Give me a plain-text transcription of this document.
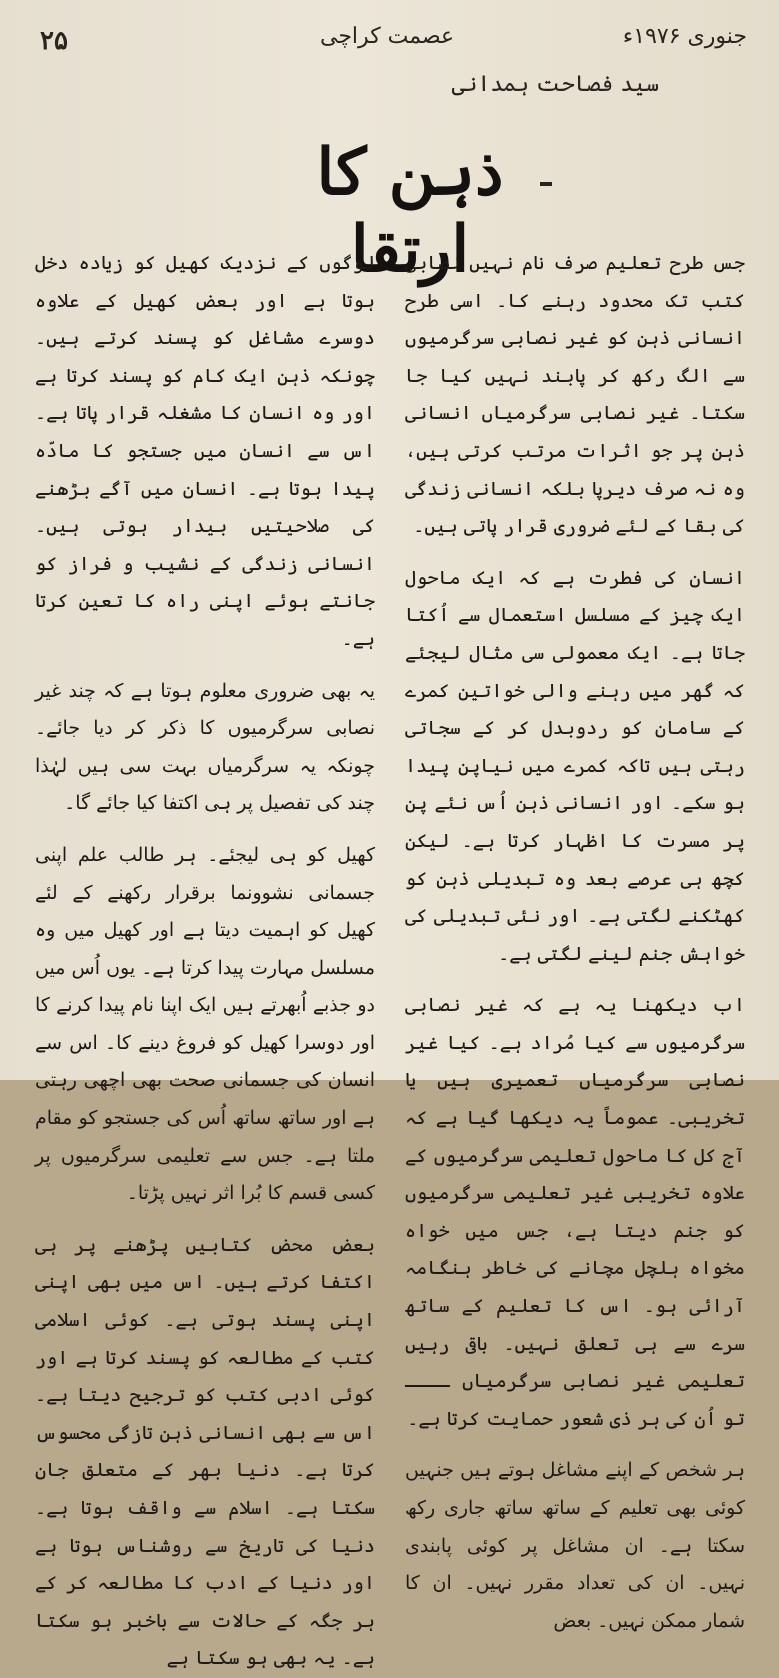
۲۵	عصمت کراچی	جنوری ۱۹۷۶ء
سید فصاحت ہمدانی
ذہن کا ارتقا

جس طرح تعلیم صرف نام نہیں نصابی کتب تک محدود رہنے کا۔ اسی طرح انسانی ذہن کو غیر نصابی سرگرمیوں سے الگ رکھ کر پابند نہیں کیا جا سکتا۔ غیر نصابی سرگرمیاں انسانی ذہن پر جو اثرات مرتب کرتی ہیں، وہ نہ صرف دیرپا بلکہ انسانی زندگی کی بقا کے لئے ضروری قرار پاتی ہیں۔

انسان کی فطرت ہے کہ ایک ماحول ایک چیز کے مسلسل استعمال سے اُکتا جاتا ہے۔ ایک معمولی سی مثال لیجئے کہ گھر میں رہنے والی خواتین کمرے کے سامان کو ردوبدل کر کے سجاتی رہتی ہیں تاکہ کمرے میں نیاپن پیدا ہو سکے۔ اور انسانی ذہن اُس نئے پن پر مسرت کا اظہار کرتا ہے۔ لیکن کچھ ہی عرصے بعد وہ تبدیلی ذہن کو کھٹکنے لگتی ہے۔ اور نئی تبدیلی کی خواہش جنم لینے لگتی ہے۔

اب دیکھنا یہ ہے کہ غیر نصابی سرگرمیوں سے کیا مُراد ہے۔ کیا غیر نصابی سرگرمیاں تعمیری ہیں یا تخریبی۔ عموماً یہ دیکھا گیا ہے کہ آج کل کا ماحول تعلیمی سرگرمیوں کے علاوہ تخریبی غیر تعلیمی سرگرمیوں کو جنم دیتا ہے، جس میں خواہ مخواہ ہلچل مچانے کی خاطر ہنگامہ آرائی ہو۔ اس کا تعلیم کے ساتھ سرے سے ہی تعلق نہیں۔ باقی رہیں تعلیمی غیر نصابی سرگرمیاں ــــ تو اُن کی ہر ذی شعور حمایت کرتا ہے۔

ہر شخص کے اپنے مشاغل ہوتے ہیں جنہیں کوئی بھی تعلیم کے ساتھ ساتھ جاری رکھ سکتا ہے۔ ان مشاغل پر کوئی پابندی نہیں۔ ان کی تعداد مقرر نہیں۔ ان کا شمار ممکن نہیں۔ بعض

لوگوں کے نزدیک کھیل کو زیادہ دخل ہوتا ہے اور بعض کھیل کے علاوہ دوسرے مشاغل کو پسند کرتے ہیں۔ چونکہ ذہن ایک کام کو پسند کرتا ہے اور وہ انسان کا مشغلہ قرار پاتا ہے۔ اس سے انسان میں جستجو کا مادّہ پیدا ہوتا ہے۔ انسان میں آگے بڑھنے کی صلاحیتیں بیدار ہوتی ہیں۔ انسانی زندگی کے نشیب و فراز کو جانتے ہوئے اپنی راہ کا تعین کرتا ہے۔

یہ بھی ضروری معلوم ہوتا ہے کہ چند غیر نصابی سرگرمیوں کا ذکر کر دیا جائے۔ چونکہ یہ سرگرمیاں بہت سی ہیں لہٰذا چند کی تفصیل پر ہی اکتفا کیا جائے گا۔

کھیل کو ہی لیجئے۔ ہر طالب علم اپنی جسمانی نشوونما برقرار رکھنے کے لئے کھیل کو اہمیت دیتا ہے اور کھیل میں وہ مسلسل مہارت پیدا کرتا ہے۔ یوں اُس میں دو جذبے اُبھرتے ہیں ایک اپنا نام پیدا کرنے کا اور دوسرا کھیل کو فروغ دینے کا۔ اس سے انسان کی جسمانی صحت بھی اچھی رہتی ہے اور ساتھ ساتھ اُس کی جستجو کو مقام ملتا ہے۔ جس سے تعلیمی سرگرمیوں پر کسی قسم کا بُرا اثر نہیں پڑتا۔

بعض محض کتابیں پڑھنے پر ہی اکتفا کرتے ہیں۔ اس میں بھی اپنی اپنی پسند ہوتی ہے۔ کوئی اسلامی کتب کے مطالعہ کو پسند کرتا ہے اور کوئی ادبی کتب کو ترجیح دیتا ہے۔ اس سے بھی انسانی ذہن تازگی محسوس کرتا ہے۔ دنیا بھر کے متعلق جان سکتا ہے۔ اسلام سے واقف ہوتا ہے۔ دنیا کی تاریخ سے روشناس ہوتا ہے اور دنیا کے ادب کا مطالعہ کر کے ہر جگہ کے حالات سے باخبر ہو سکتا ہے۔ یہ بھی ہو سکتا ہے
